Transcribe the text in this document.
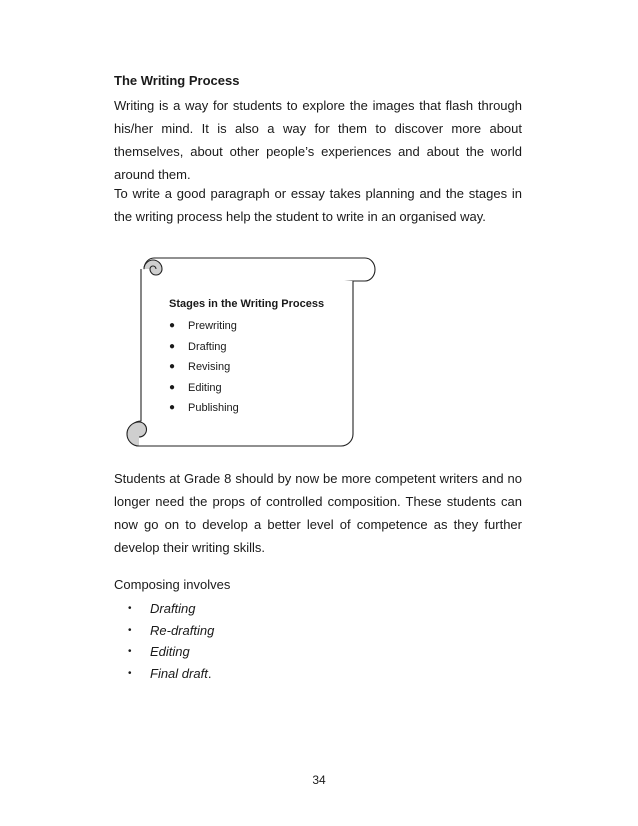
The Writing Process
Writing is a way for students to explore the images that flash through his/her mind. It is also a way for them to discover more about themselves, about other people’s experiences and about the world around them.
To write a good paragraph or essay takes planning and the stages in the writing process help the student to write in an organised way.
Stages in the Writing Process
●	Prewriting
●	Drafting
●	Revising
●	Editing
●	Publishing
Students at Grade 8 should by now be more competent writers and no longer need the props of controlled composition. These students can now go on to develop a better level of competence as they further develop their writing skills.
Composing involves
•	Drafting
•	Re-drafting
•	Editing
•	Final draft .
34
